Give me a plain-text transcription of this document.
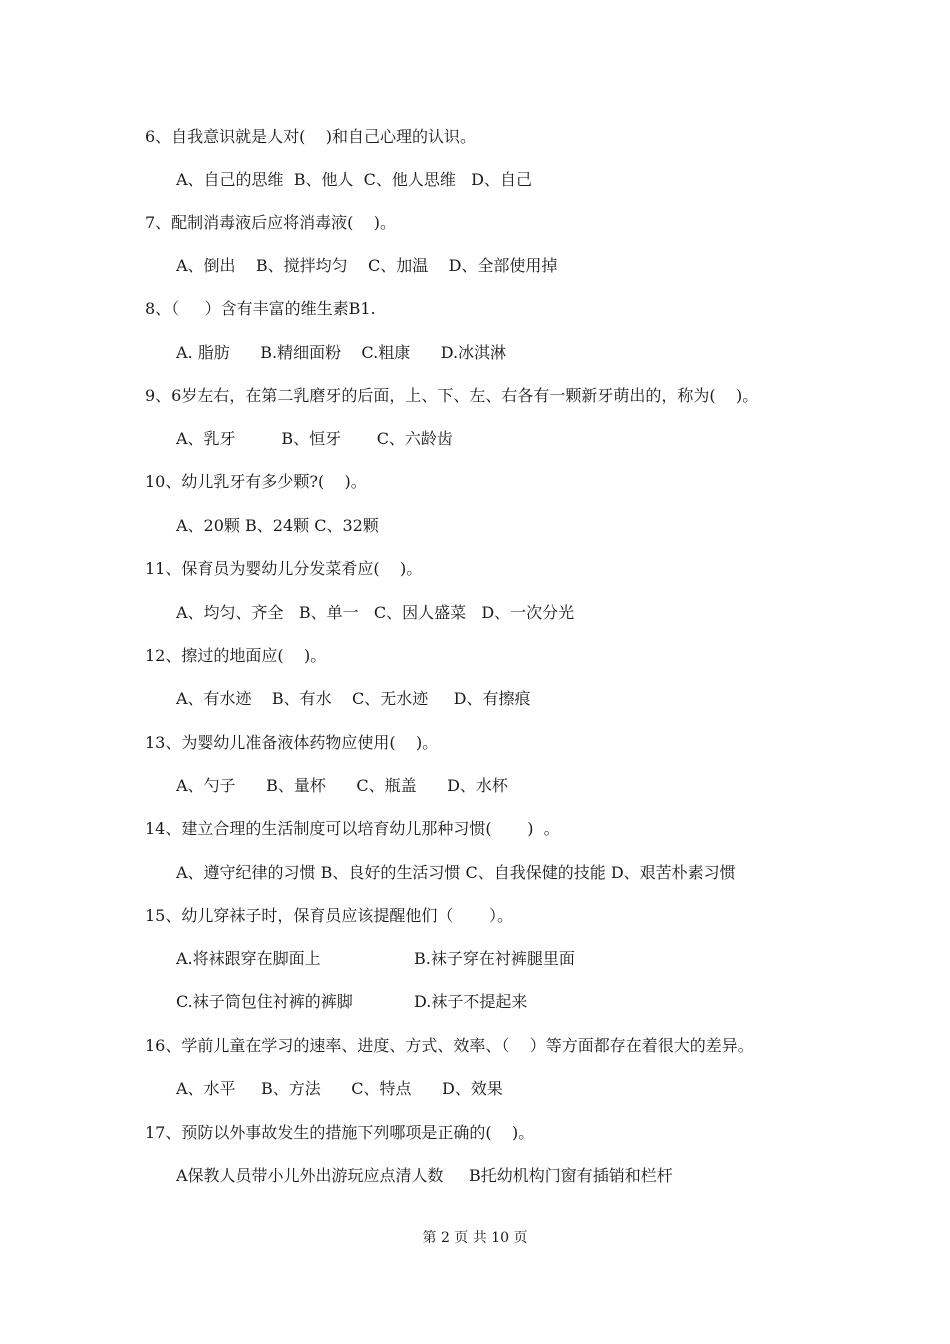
6、自我意识就是人对(    )和自己心理的认识。
A、自己的思维  B、他人  C、他人思维   D、自己
7、配制消毒液后应将消毒液(    )。
A、倒出    B、搅拌均匀    C、加温    D、全部使用掉
8、（     ）含有丰富的维生素B1.
A. 脂肪      B.精细面粉    C.粗康      D.冰淇淋
9、6岁左右，在第二乳磨牙的后面，上、下、左、右各有一颗新牙萌出的，称为(    )。
A、乳牙         B、恒牙       C、六龄齿
10、幼儿乳牙有多少颗?(    )。
A、20颗 B、24颗 C、32颗
11、保育员为婴幼儿分发菜肴应(    )。
A、均匀、齐全   B、单一   C、因人盛菜   D、一次分光
12、擦过的地面应(    )。
A、有水迹    B、有水    C、无水迹     D、有擦痕
13、为婴幼儿准备液体药物应使用(    )。
A、勺子      B、量杯      C、瓶盖      D、水杯
14、建立合理的生活制度可以培育幼儿那种习惯(       )  。
A、遵守纪律的习惯 B、良好的生活习惯 C、自我保健的技能 D、艰苦朴素习惯
15、幼儿穿袜子时，保育员应该提醒他们（       ）。
A.将袜跟穿在脚面上	B.袜子穿在衬裤腿里面
C.袜子筒包住衬裤的裤脚	D.袜子不提起来
16、学前儿童在学习的速率、进度、方式、效率、（    ）等方面都存在着很大的差异。
A、水平     B、方法      C、特点      D、效果
17、预防以外事故发生的措施下列哪项是正确的(    )。
A保教人员带小儿外出游玩应点清人数     B托幼机构门窗有插销和栏杆
第 2 页 共 10 页
